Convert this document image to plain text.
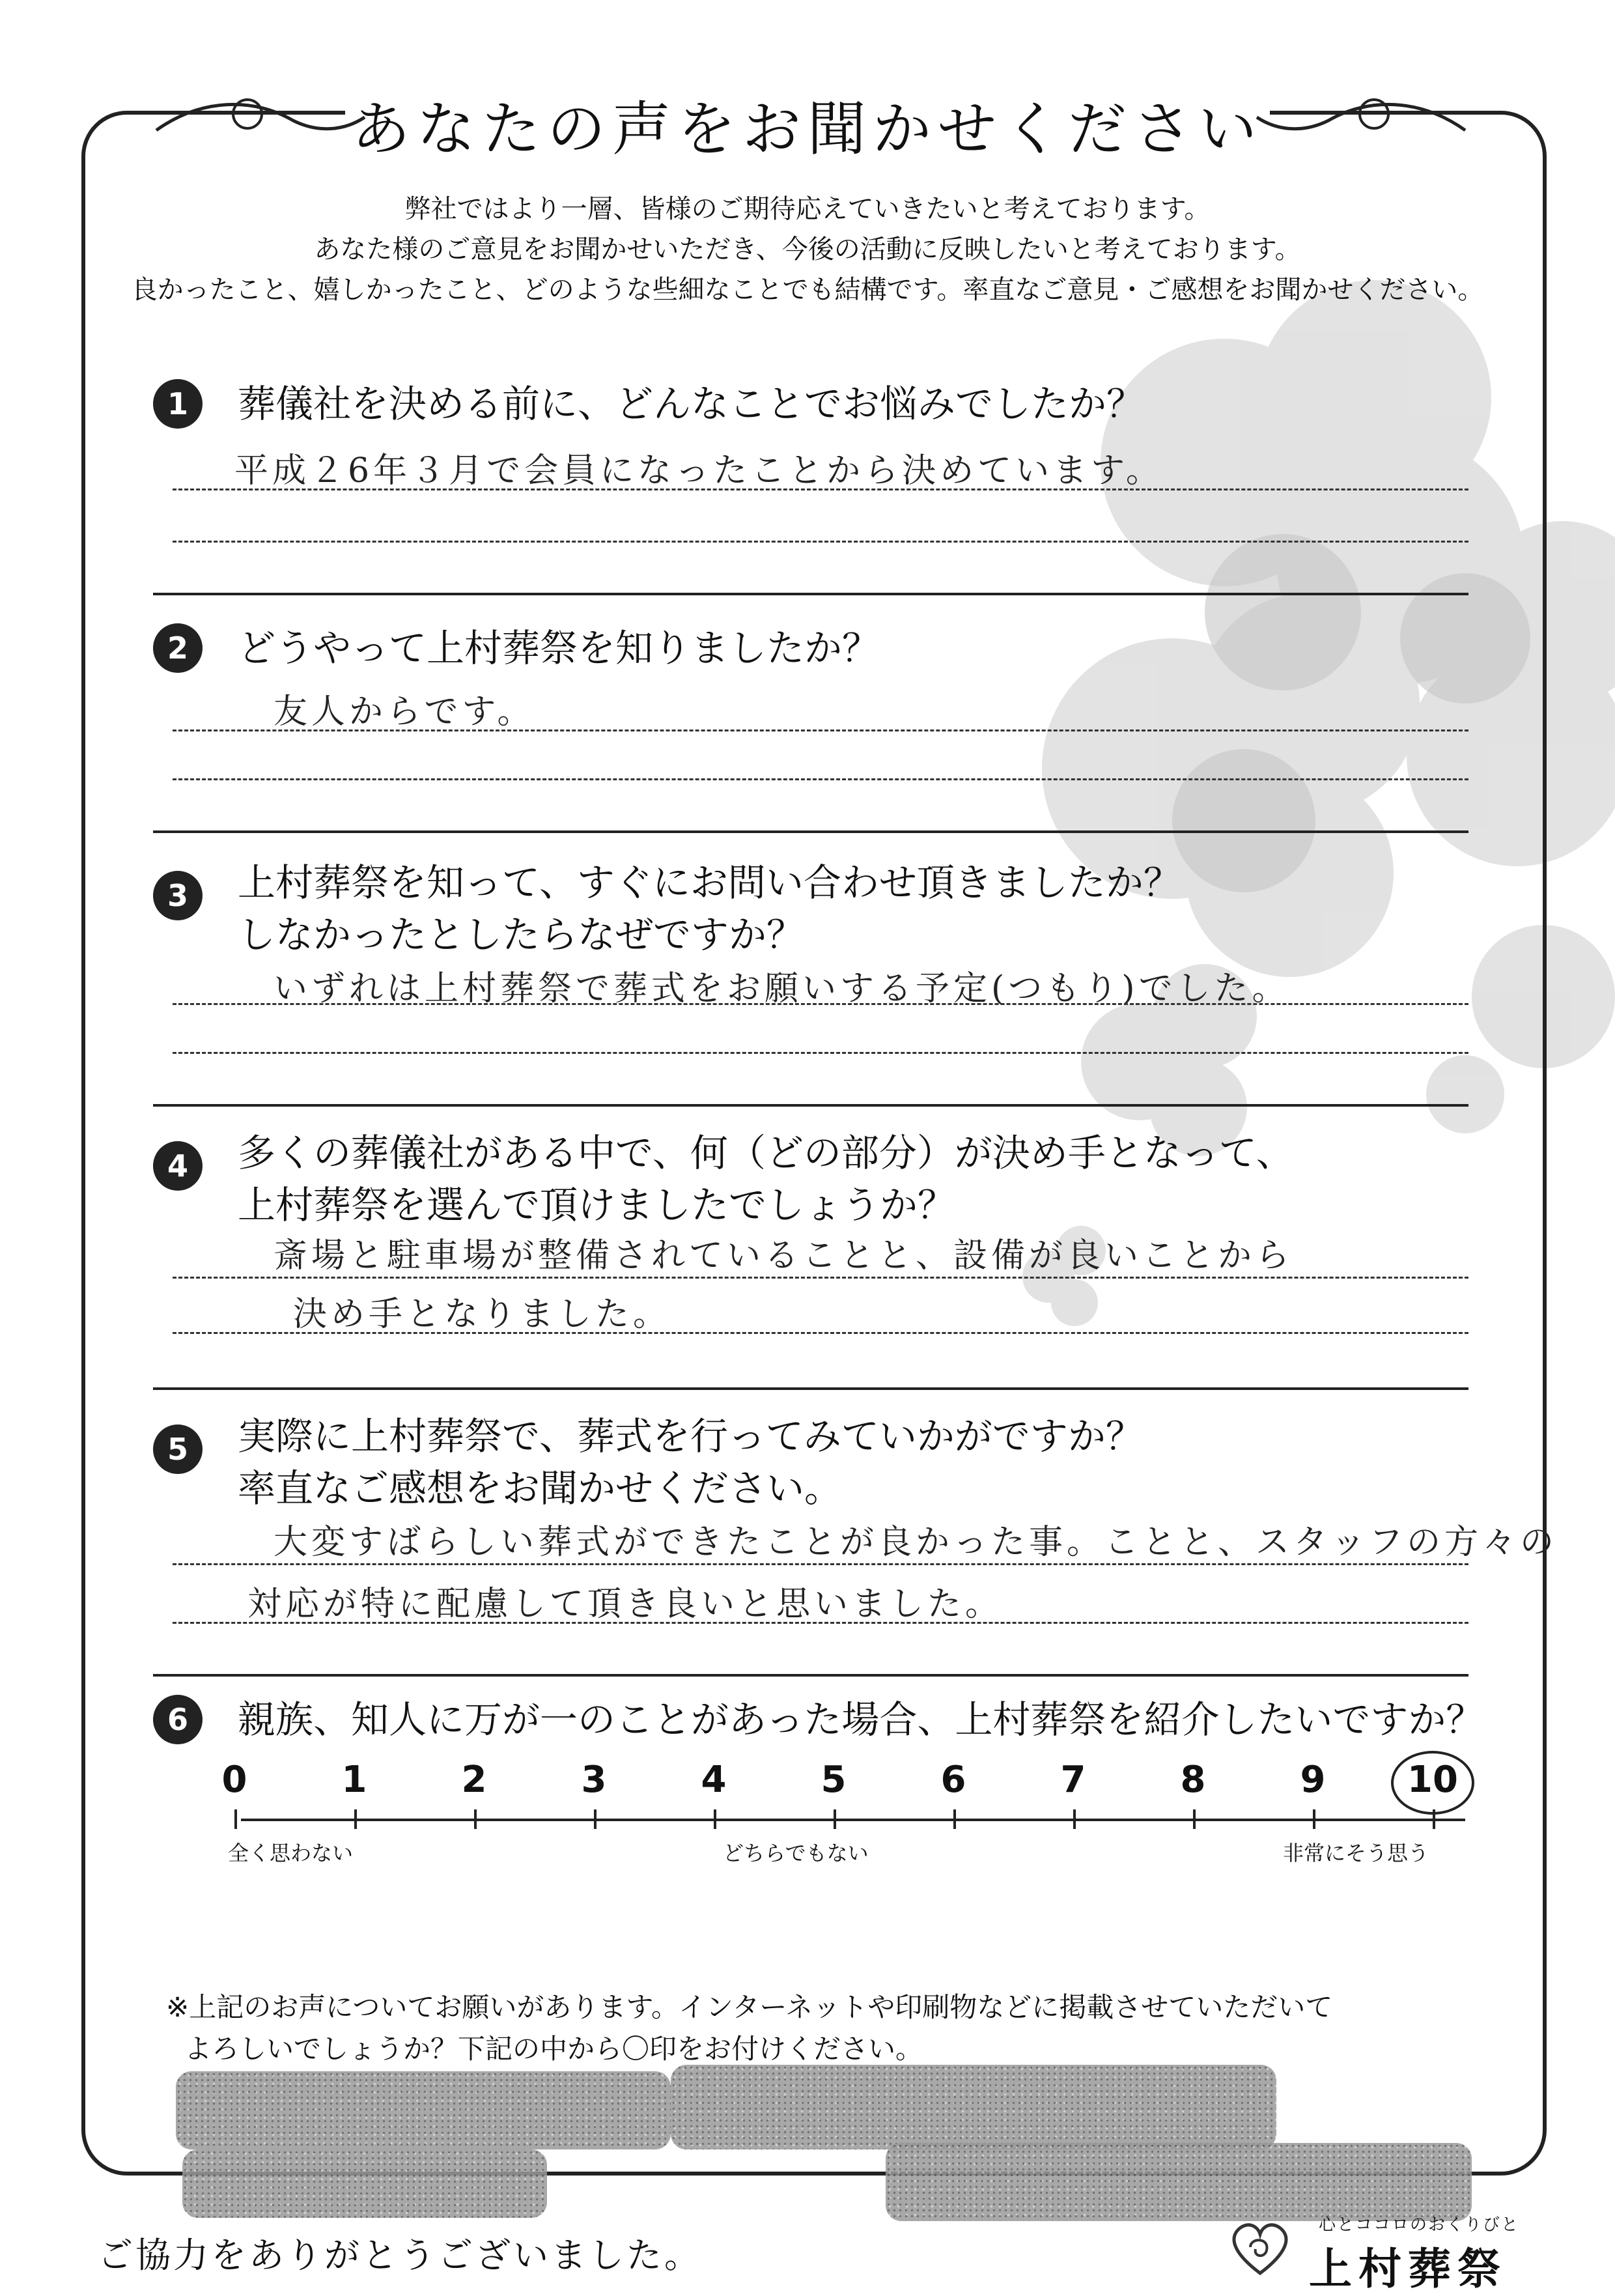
あなたの声をお聞かせください
弊社ではより一層、皆様のご期待応えていきたいと考えております。
あなた様のご意見をお聞かせいただき、今後の活動に反映したいと考えております。
良かったこと、嬉しかったこと、どのような些細なことでも結構です。率直なご意見・ご感想をお聞かせください。
1	葬儀社を決める前に、どんなことでお悩みでしたか？
平成２6年３月で会員になったことから決めています。
2	どうやって上村葬祭を知りましたか？
友人からです。
3	上村葬祭を知って、すぐにお問い合わせ頂きましたか？
しなかったとしたらなぜですか？
いずれは上村葬祭で葬式をお願いする予定(つもり)でした。
4	多くの葬儀社がある中で、何（どの部分）が決め手となって、
上村葬祭を選んで頂けましたでしょうか？
斎場と駐車場が整備されていることと、設備が良いことから
決め手となりました。
5	実際に上村葬祭で、葬式を行ってみていかがですか？
率直なご感想をお聞かせください。
大変すばらしい葬式ができたことが良かった事。ことと、スタッフの方々の
対応が特に配慮して頂き良いと思いました。
6	親族、知人に万が一のことがあった場合、上村葬祭を紹介したいですか？
全く思わない	どちらでもない	非常にそう思う
0	1	2	3	4	5	6	7	8	9	10
※上記のお声についてお願いがあります。インターネットや印刷物などに掲載させていただいて
よろしいでしょうか？下記の中から〇印をお付けください。
ご協力をありがとうございました。
心とココロのおくりびと
上村葬祭
